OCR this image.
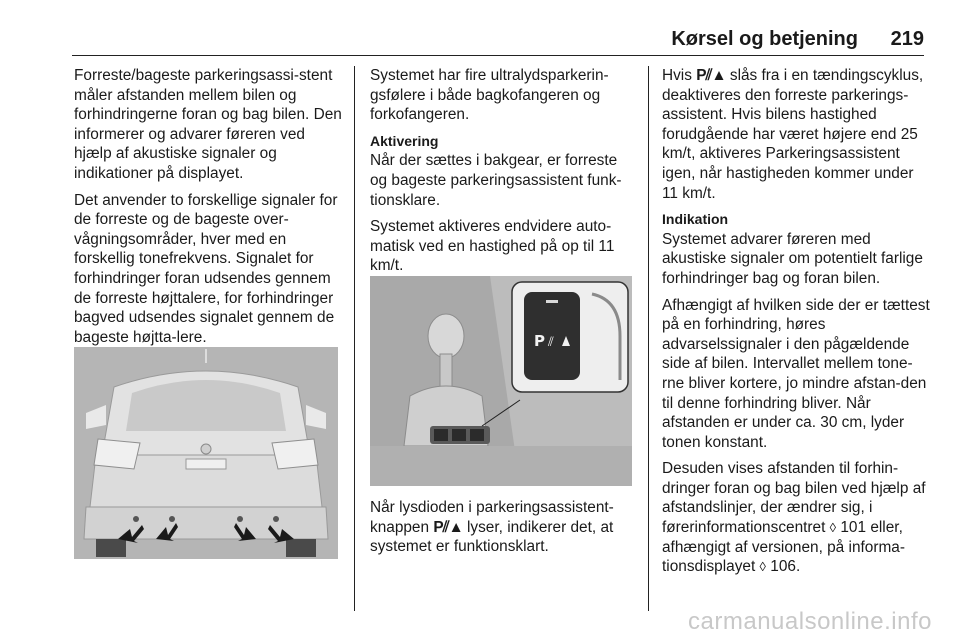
Kørsel og betjening 219

Forreste/bageste parkeringsassi-stent måler afstanden mellem bilen og forhindringerne foran og bag bilen. Den informerer og advarer føreren ved hjælp af akustiske signaler og indikationer på displayet.

Det anvender to forskellige signaler for de forreste og de bageste over-vågningsområder, hver med en forskellig tonefrekvens. Signalet for forhindringer foran udsendes gennem de forreste højttalere, for forhindringer bagved udsendes signalet gennem de bageste højtta-lere.

Systemet har fire ultralydsparkerin-gsfølere i både bagkofangeren og forkofangeren.

Aktivering

Når der sættes i bakgear, er forreste og bageste parkeringsassistent funk-tionsklare.

Systemet aktiveres endvidere auto-matisk ved en hastighed på op til 11 km/t.

P ⫽

Når lysdioden i parkeringsassistent-knappen P⫽▲ lyser, indikerer det, at systemet er funktionsklart.

Hvis P⫽▲ slås fra i en tændingscyklus, deaktiveres den forreste parkerings-assistent. Hvis bilens hastighed forudgående har været højere end 25 km/t, aktiveres Parkeringsassistent igen, når hastigheden kommer under 11 km/t.

Indikation

Systemet advarer føreren med akustiske signaler om potentielt farlige forhindringer bag og foran bilen.

Afhængigt af hvilken side der er tættest på en forhindring, høres advarselssignaler i den pågældende side af bilen. Intervallet mellem tone-rne bliver kortere, jo mindre afstan-den til denne forhindring bliver. Når afstanden er under ca. 30 cm, lyder tonen konstant.

Desuden vises afstanden til forhin-dringer foran og bag bilen ved hjælp af afstandslinjer, der ændrer sig, i førerinformationscentret ◊ 101 eller, afhængigt af versionen, på informa-tionsdisplayet ◊ 106.

carmanualsonline.info
